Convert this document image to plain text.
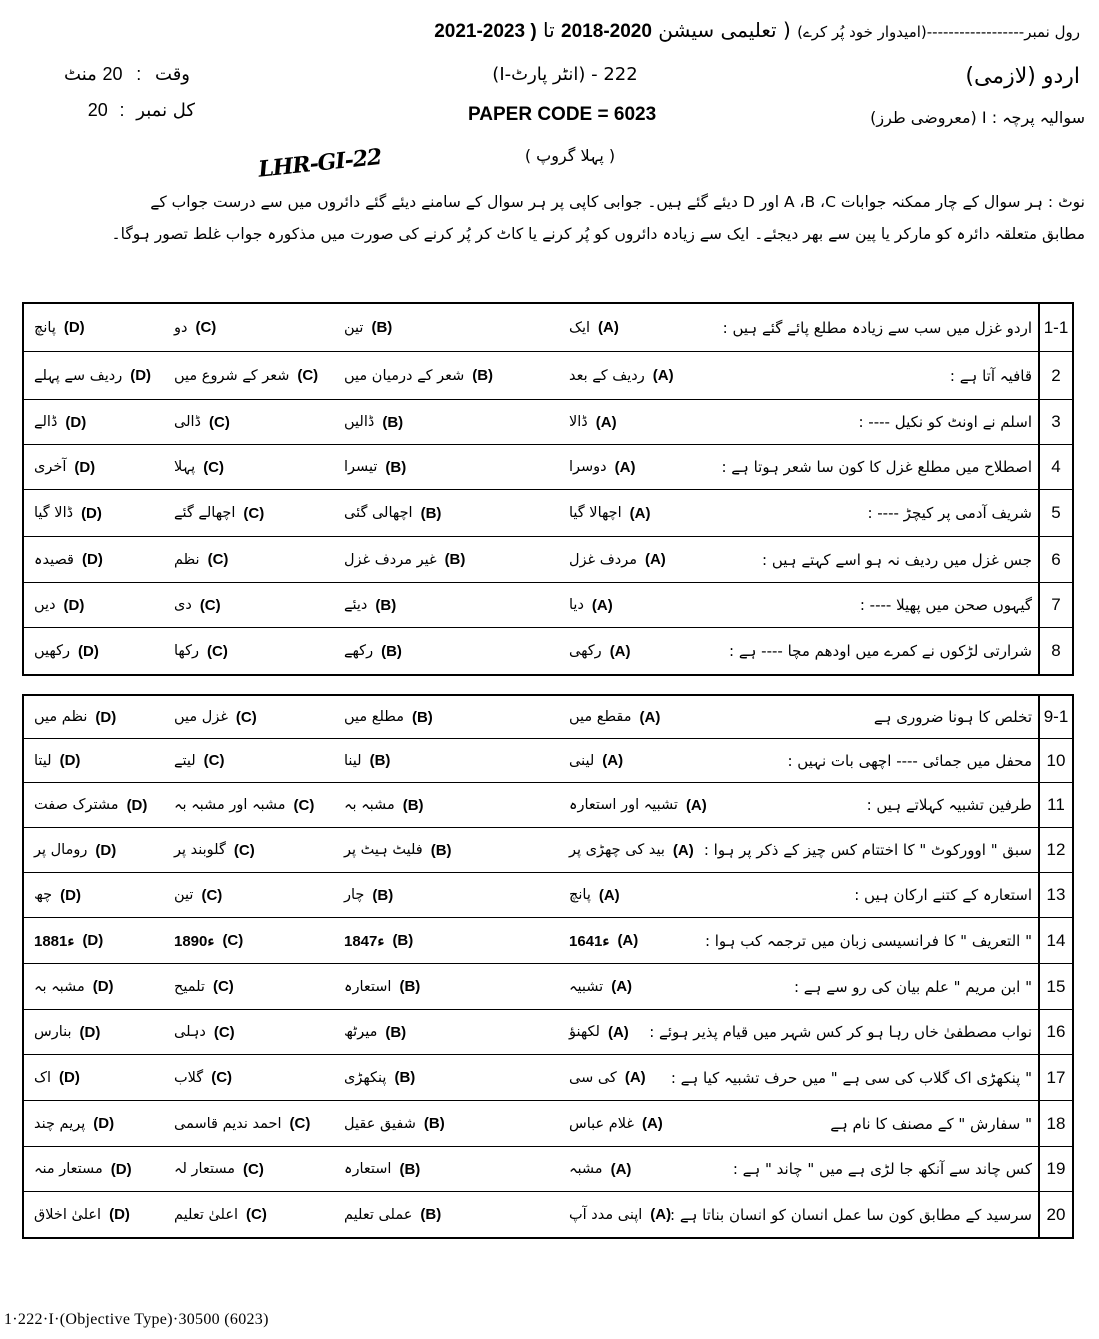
رول نمبر------------------(امیدوار خود پُر کرے) ( تعلیمی سیشن 2018-2020 تا 2021-2023 )
وقت : 20 منٹ
کل نمبر : 20
اردو (لازمی)
222 - (انٹر پارٹ-I)
PAPER CODE = 6023	سوالیہ پرچہ : I (معروضی طرز)
( پہلا گروپ )
LHR-GI-22
نوٹ : ہر سوال کے چار ممکنہ جوابات A ،B ،C اور D دیئے گئے ہیں۔ جوابی کاپی پر ہر سوال کے سامنے دیئے گئے دائروں میں سے درست جواب کے
مطابق متعلقہ دائرہ کو مارکر یا پین سے بھر دیجئے۔ ایک سے زیادہ دائروں کو پُر کرنے یا کاٹ کر پُر کرنے کی صورت میں مذکورہ جواب غلط تصور ہوگا۔
1-1
اردو غزل میں سب سے زیادہ مطلع پائے گئے ہیں :
(A)
ایک
(B)
تین
(C)
دو
(D)
پانچ
2
قافیہ آتا ہے :
(A)
ردیف کے بعد
(B)
شعر کے درمیان میں
(C)
شعر کے شروع میں
(D)
ردیف سے پہلے
3
اسلم نے اونٹ کو نکیل ---- :
(A)
ڈالا
(B)
ڈالیں
(C)
ڈالی
(D)
ڈالے
4
اصطلاح میں مطلع غزل کا کون سا شعر ہوتا ہے :
(A)
دوسرا
(B)
تیسرا
(C)
پہلا
(D)
آخری
5
شریف آدمی پر کیچڑ ---- :
(A)
اچھالا گیا
(B)
اچھالی گئی
(C)
اچھالے گئے
(D)
ڈالا گیا
6
جس غزل میں ردیف نہ ہو اسے کہتے ہیں :
(A)
مردف غزل
(B)
غیر مردف غزل
(C)
نظم
(D)
قصیدہ
7
گیہوں صحن میں پھیلا ---- :
(A)
دیا
(B)
دیئے
(C)
دی
(D)
دیں
8
شرارتی لڑکوں نے کمرے میں اودھم مچا ---- ہے :
(A)
رکھی
(B)
رکھے
(C)
رکھا
(D)
رکھیں
9-1
تخلص کا ہونا ضروری ہے
(A)
مقطع میں
(B)
مطلع میں
(C)
غزل میں
(D)
نظم میں
10
محفل میں جمائی ---- اچھی بات نہیں :
(A)
لینی
(B)
لینا
(C)
لیتے
(D)
لیتا
11
طرفین تشبیہ کہلاتے ہیں :
(A)
تشبیہ اور استعارہ
(B)
مشبہ بہ
(C)
مشبہ اور مشبہ بہ
(D)
مشترک صفت
12
سبق " اوورکوٹ " کا اختتام کس چیز کے ذکر پر ہوا :
(A)
بید کی چھڑی پر
(B)
فلیٹ ہیٹ پر
(C)
گلوبند پر
(D)
رومال پر
13
استعارہ کے کتنے ارکان ہیں :
(A)
پانچ
(B)
چار
(C)
تین
(D)
چھ
14
" التعریف " کا فرانسیسی زبان میں ترجمہ کب ہوا :
(A)
1641ء
(B)
1847ء
(C)
1890ء
(D)
1881ء
15
" ابن مریم " علم بیان کی رو سے ہے :
(A)
تشبیہ
(B)
استعارہ
(C)
تلمیح
(D)
مشبہ بہ
16
نواب مصطفیٰ خاں رہا ہو کر کس شہر میں قیام پذیر ہوئے :
(A)
لکھنؤ
(B)
میرٹھ
(C)
دہلی
(D)
بنارس
17
" پنکھڑی اک گلاب کی سی ہے " میں حرف تشبیہ کیا ہے :
(A)
کی سی
(B)
پنکھڑی
(C)
گلاب
(D)
اک
18
" سفارش " کے مصنف کا نام ہے
(A)
غلام عباس
(B)
شفیق عقیل
(C)
احمد ندیم قاسمی
(D)
پریم چند
19
کس چاند سے آنکھ جا لڑی ہے میں " چاند " ہے :
(A)
مشبہ
(B)
استعارہ
(C)
مستعار لہ
(D)
مستعار منہ
20
سرسید کے مطابق کون سا عمل انسان کو انسان بناتا ہے :
(A)
اپنی مدد آپ
(B)
عملی تعلیم
(C)
اعلیٰ تعلیم
(D)
اعلیٰ اخلاق
1·222·I·(Objective Type)·30500 (6023)
